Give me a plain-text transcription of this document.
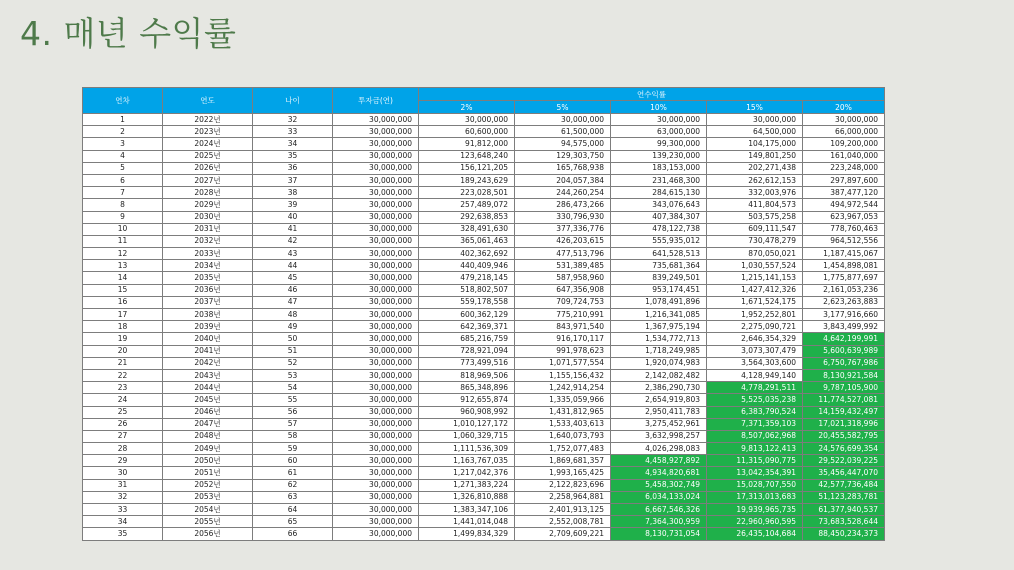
4. 매년 수익률
연차	연도	나이	투자금(연)	연수익률				
				2%	5%	10%	15%	20%
1	2022년	32	30,000,000	30,000,000	30,000,000	30,000,000	30,000,000	30,000,000
2	2023년	33	30,000,000	60,600,000	61,500,000	63,000,000	64,500,000	66,000,000
3	2024년	34	30,000,000	91,812,000	94,575,000	99,300,000	104,175,000	109,200,000
4	2025년	35	30,000,000	123,648,240	129,303,750	139,230,000	149,801,250	161,040,000
5	2026년	36	30,000,000	156,121,205	165,768,938	183,153,000	202,271,438	223,248,000
6	2027년	37	30,000,000	189,243,629	204,057,384	231,468,300	262,612,153	297,897,600
7	2028년	38	30,000,000	223,028,501	244,260,254	284,615,130	332,003,976	387,477,120
8	2029년	39	30,000,000	257,489,072	286,473,266	343,076,643	411,804,573	494,972,544
9	2030년	40	30,000,000	292,638,853	330,796,930	407,384,307	503,575,258	623,967,053
10	2031년	41	30,000,000	328,491,630	377,336,776	478,122,738	609,111,547	778,760,463
11	2032년	42	30,000,000	365,061,463	426,203,615	555,935,012	730,478,279	964,512,556
12	2033년	43	30,000,000	402,362,692	477,513,796	641,528,513	870,050,021	1,187,415,067
13	2034년	44	30,000,000	440,409,946	531,389,485	735,681,364	1,030,557,524	1,454,898,081
14	2035년	45	30,000,000	479,218,145	587,958,960	839,249,501	1,215,141,153	1,775,877,697
15	2036년	46	30,000,000	518,802,507	647,356,908	953,174,451	1,427,412,326	2,161,053,236
16	2037년	47	30,000,000	559,178,558	709,724,753	1,078,491,896	1,671,524,175	2,623,263,883
17	2038년	48	30,000,000	600,362,129	775,210,991	1,216,341,085	1,952,252,801	3,177,916,660
18	2039년	49	30,000,000	642,369,371	843,971,540	1,367,975,194	2,275,090,721	3,843,499,992
19	2040년	50	30,000,000	685,216,759	916,170,117	1,534,772,713	2,646,354,329	4,642,199,991
20	2041년	51	30,000,000	728,921,094	991,978,623	1,718,249,985	3,073,307,479	5,600,639,989
21	2042년	52	30,000,000	773,499,516	1,071,577,554	1,920,074,983	3,564,303,600	6,750,767,986
22	2043년	53	30,000,000	818,969,506	1,155,156,432	2,142,082,482	4,128,949,140	8,130,921,584
23	2044년	54	30,000,000	865,348,896	1,242,914,254	2,386,290,730	4,778,291,511	9,787,105,900
24	2045년	55	30,000,000	912,655,874	1,335,059,966	2,654,919,803	5,525,035,238	11,774,527,081
25	2046년	56	30,000,000	960,908,992	1,431,812,965	2,950,411,783	6,383,790,524	14,159,432,497
26	2047년	57	30,000,000	1,010,127,172	1,533,403,613	3,275,452,961	7,371,359,103	17,021,318,996
27	2048년	58	30,000,000	1,060,329,715	1,640,073,793	3,632,998,257	8,507,062,968	20,455,582,795
28	2049년	59	30,000,000	1,111,536,309	1,752,077,483	4,026,298,083	9,813,122,413	24,576,699,354
29	2050년	60	30,000,000	1,163,767,035	1,869,681,357	4,458,927,892	11,315,090,775	29,522,039,225
30	2051년	61	30,000,000	1,217,042,376	1,993,165,425	4,934,820,681	13,042,354,391	35,456,447,070
31	2052년	62	30,000,000	1,271,383,224	2,122,823,696	5,458,302,749	15,028,707,550	42,577,736,484
32	2053년	63	30,000,000	1,326,810,888	2,258,964,881	6,034,133,024	17,313,013,683	51,123,283,781
33	2054년	64	30,000,000	1,383,347,106	2,401,913,125	6,667,546,326	19,939,965,735	61,377,940,537
34	2055년	65	30,000,000	1,441,014,048	2,552,008,781	7,364,300,959	22,960,960,595	73,683,528,644
35	2056년	66	30,000,000	1,499,834,329	2,709,609,221	8,130,731,054	26,435,104,684	88,450,234,373
